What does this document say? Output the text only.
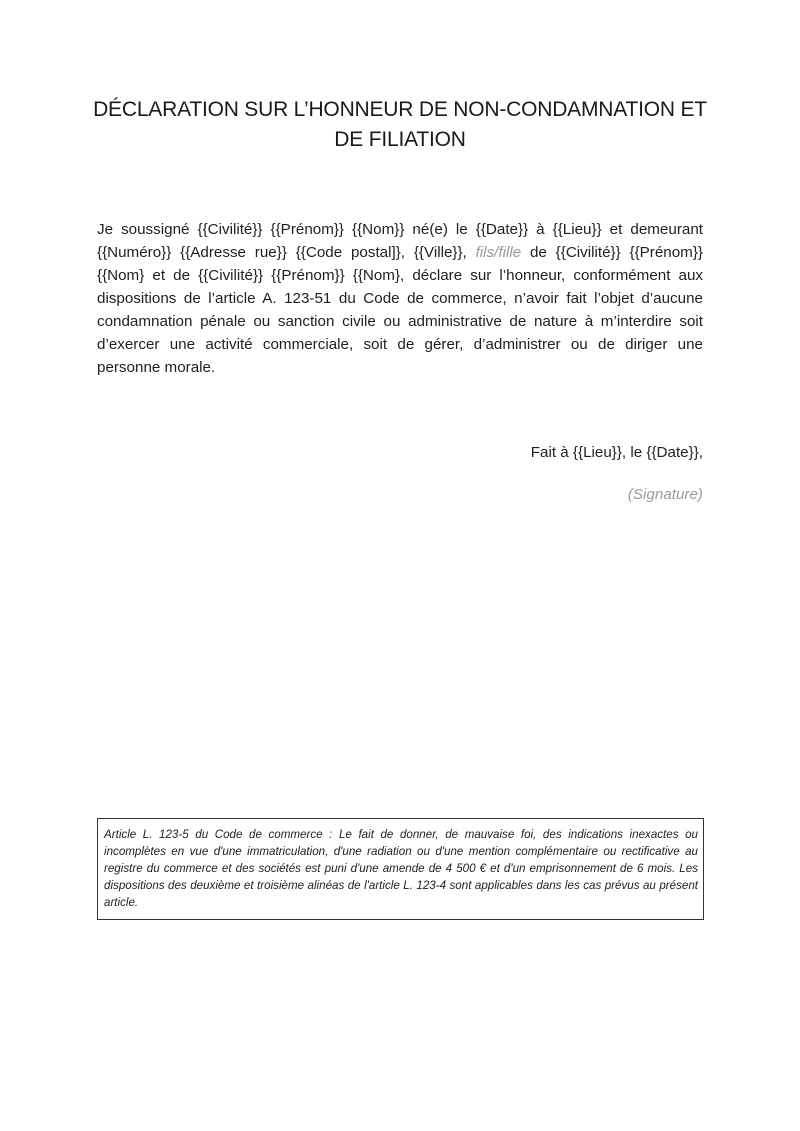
DÉCLARATION SUR L’HONNEUR DE NON-CONDAMNATION ET DE FILIATION

Je soussigné {{Civilité}} {{Prénom}} {{Nom}} né(e) le {{Date}} à {{Lieu}} et demeurant {{Numéro}} {{Adresse rue}} {{Code postal]}, {{Ville}}, fils/fille de {{Civilité}} {{Prénom}} {{Nom} et de {{Civilité}} {{Prénom}} {{Nom}, déclare sur l’honneur, conformément aux dispositions de l’article A. 123-51 du Code de commerce, n’avoir fait l’objet d’aucune condamnation pénale ou sanction civile ou administrative de nature à m’interdire soit d’exercer une activité commerciale, soit de gérer, d’administrer ou de diriger une personne morale.

Fait à {{Lieu}}, le {{Date}},

(Signature)

Article L. 123-5 du Code de commerce : Le fait de donner, de mauvaise foi, des indications inexactes ou incomplètes en vue d'une immatriculation, d'une radiation ou d'une mention complémentaire ou rectificative au registre du commerce et des sociétés est puni d'une amende de 4 500 € et d'un emprisonnement de 6 mois. Les dispositions des deuxième et troisième alinéas de l'article L. 123-4 sont applicables dans les cas prévus au présent article.
